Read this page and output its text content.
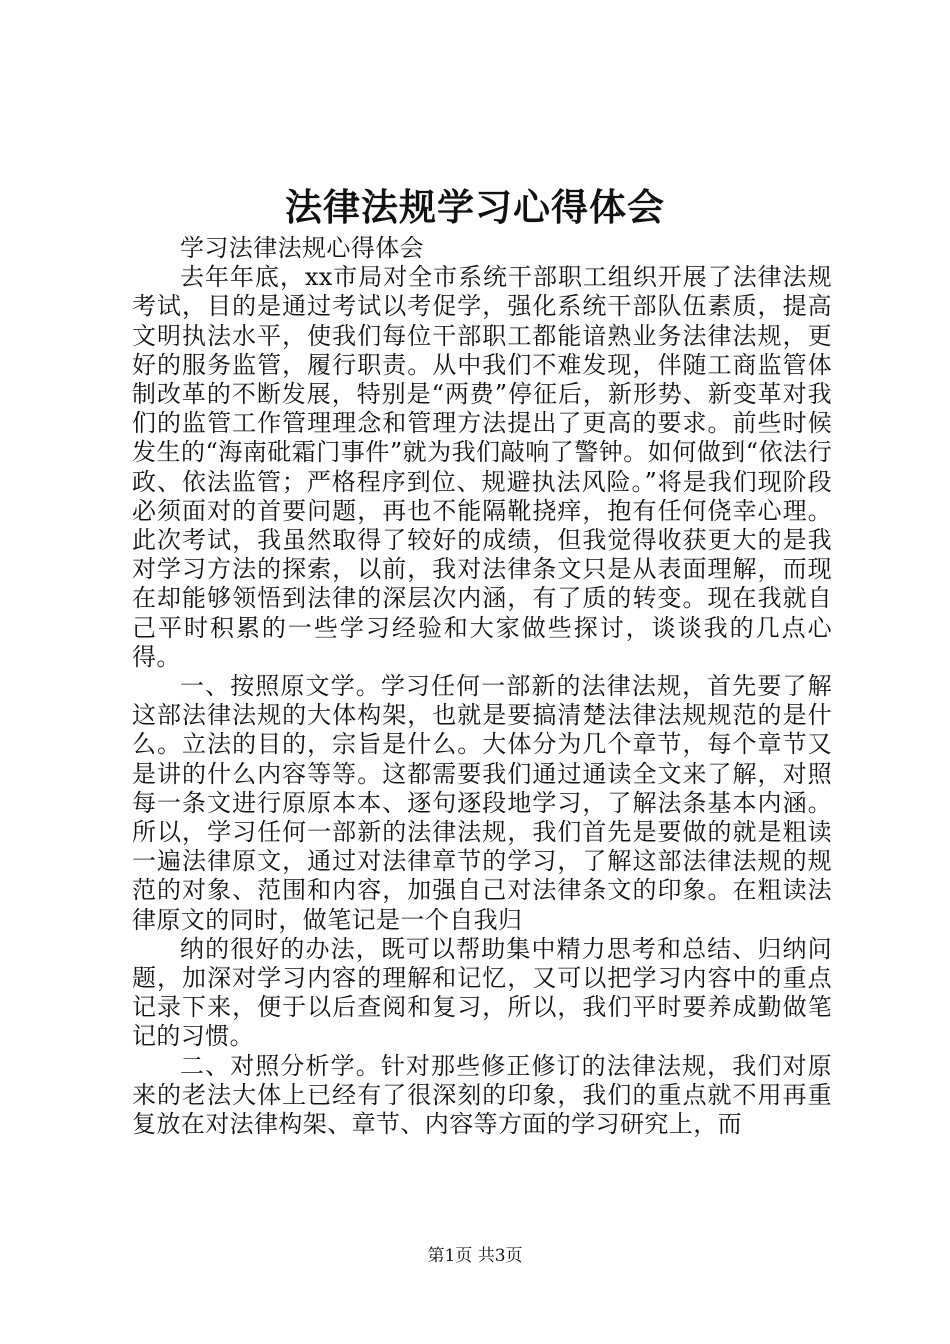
法律法规学习心得体会

学习法律法规心得体会

去年年底，xx市局对全市系统干部职工组织开展了法律法规考试，目的是通过考试以考促学，强化系统干部队伍素质，提高文明执法水平，使我们每位干部职工都能谙熟业务法律法规，更好的服务监管，履行职责。从中我们不难发现，伴随工商监管体制改革的不断发展，特别是“两费”停征后，新形势、新变革对我们的监管工作管理理念和管理方法提出了更高的要求。前些时候发生的“海南砒霜门事件”就为我们敲响了警钟。如何做到“依法行政、依法监管；严格程序到位、规避执法风险。”将是我们现阶段必须面对的首要问题，再也不能隔靴挠痒，抱有任何侥幸心理。此次考试，我虽然取得了较好的成绩，但我觉得收获更大的是我对学习方法的探索，以前，我对法律条文只是从表面理解，而现在却能够领悟到法律的深层次内涵，有了质的转变。现在我就自己平时积累的一些学习经验和大家做些探讨，谈谈我的几点心得。

一、按照原文学。学习任何一部新的法律法规，首先要了解这部法律法规的大体构架，也就是要搞清楚法律法规规范的是什么。立法的目的，宗旨是什么。大体分为几个章节，每个章节又是讲的什么内容等等。这都需要我们通过通读全文来了解，对照每一条文进行原原本本、逐句逐段地学习，了解法条基本内涵。所以，学习任何一部新的法律法规，我们首先是要做的就是粗读一遍法律原文，通过对法律章节的学习，了解这部法律法规的规范的对象、范围和内容，加强自己对法律条文的印象。在粗读法律原文的同时，做笔记是一个自我归

纳的很好的办法，既可以帮助集中精力思考和总结、归纳问题，加深对学习内容的理解和记忆，又可以把学习内容中的重点记录下来，便于以后查阅和复习，所以，我们平时要养成勤做笔记的习惯。

二、对照分析学。针对那些修正修订的法律法规，我们对原来的老法大体上已经有了很深刻的印象，我们的重点就不用再重复放在对法律构架、章节、内容等方面的学习研究上，而

第1页 共3页
